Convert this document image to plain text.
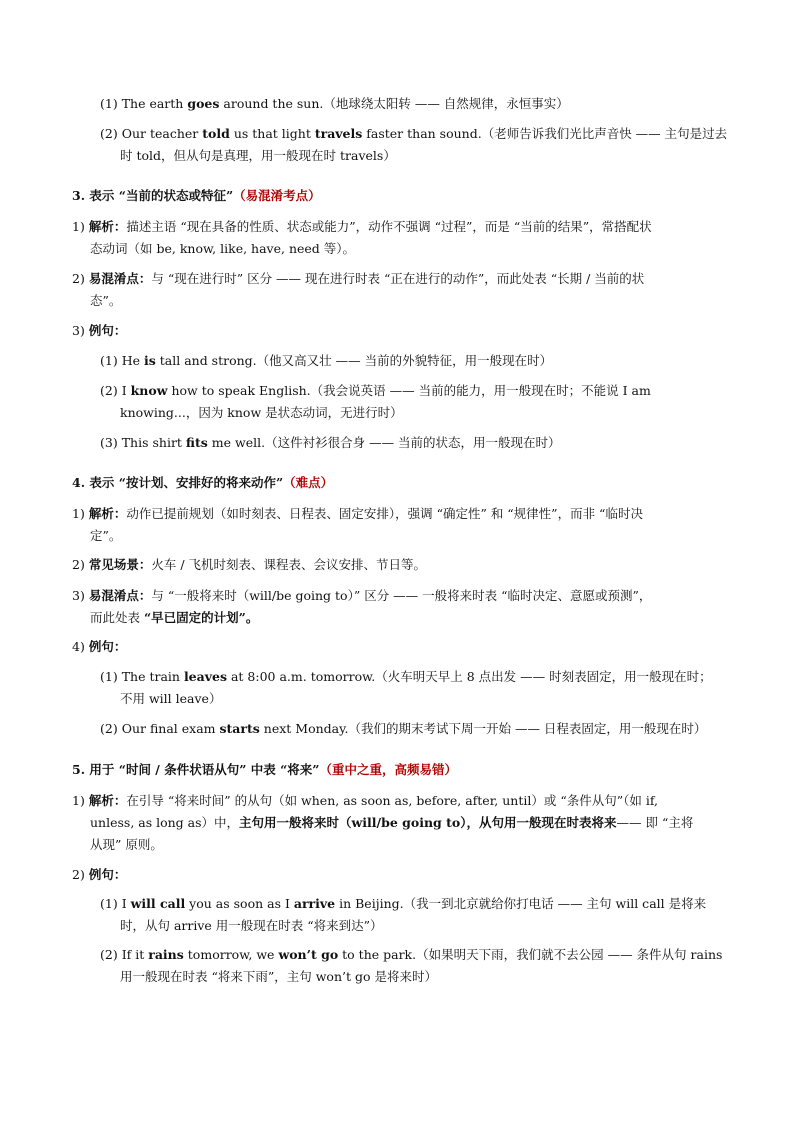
(1) The earth goes around the sun.（地球绕太阳转 —— 自然规律，永恒事实）
(2) Our teacher told us that light travels faster than sound.（老师告诉我们光比声音快 —— 主句是过去
时 told，但从句是真理，用一般现在时 travels）
3. 表示 “当前的状态或特征”（易混淆考点）
1) 解析：描述主语 “现在具备的性质、状态或能力”，动作不强调 “过程”，而是 “当前的结果”，常搭配状
态动词（如 be, know, like, have, need 等）。
2) 易混淆点：与 “现在进行时” 区分 —— 现在进行时表 “正在进行的动作”，而此处表 “长期 / 当前的状
态”。
3) 例句：
(1) He is tall and strong.（他又高又壮 —— 当前的外貌特征，用一般现在时）
(2) I know how to speak English.（我会说英语 —— 当前的能力，用一般现在时；不能说 I am
knowing...，因为 know 是状态动词，无进行时）
(3) This shirt fits me well.（这件衬衫很合身 —— 当前的状态，用一般现在时）
4. 表示 “按计划、安排好的将来动作”（难点）
1) 解析：动作已提前规划（如时刻表、日程表、固定安排），强调 “确定性” 和 “规律性”，而非 “临时决
定”。
2) 常见场景：火车 / 飞机时刻表、课程表、会议安排、节日等。
3) 易混淆点：与 “一般将来时（will/be going to）” 区分 —— 一般将来时表 “临时决定、意愿或预测”，
而此处表 “早已固定的计划”。
4) 例句：
(1) The train leaves at 8:00 a.m. tomorrow.（火车明天早上 8 点出发 —— 时刻表固定，用一般现在时；
不用 will leave）
(2) Our final exam starts next Monday.（我们的期末考试下周一开始 —— 日程表固定，用一般现在时）
5. 用于 “时间 / 条件状语从句” 中表 “将来”（重中之重，高频易错）
1) 解析：在引导 “将来时间” 的从句（如 when, as soon as, before, after, until）或 “条件从句”（如 if,
unless, as long as）中，主句用一般将来时（will/be going to），从句用一般现在时表将来—— 即 “主将
从现” 原则。
2) 例句：
(1) I will call you as soon as I arrive in Beijing.（我一到北京就给你打电话 —— 主句 will call 是将来
时，从句 arrive 用一般现在时表 “将来到达”）
(2) If it rains tomorrow, we won’t go to the park.（如果明天下雨，我们就不去公园 —— 条件从句 rains
用一般现在时表 “将来下雨”，主句 won’t go 是将来时）
